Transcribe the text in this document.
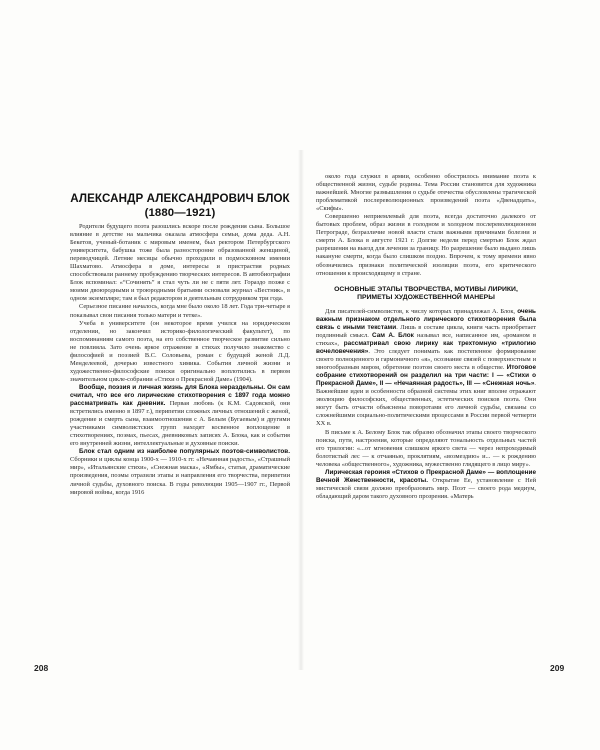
АЛЕКСАНДР АЛЕКСАНДРОВИЧ БЛОК
(1880—1921)

Родители будущего поэта разошлись вскоре после рождения сына. Большое влияние в детстве на мальчика оказала атмосфера семьи, дома деда. А.Н. Бекетов, ученый-ботаник с мировым именем, был ректором Петербургского университета, бабушка тоже была разносторонне образованной женщиной, переводчицей. Летние месяцы обычно проходили в подмосковном имении Шахматово. Атмосфера в доме, интересы и пристрастия родных способствовали раннему пробуждению творческих интересов. В автобиографии Блок вспоминал: «“Сочинять” я стал чуть ли не с пяти лет. Гораздо позже с моими двоюродными и троюродными братьями основали журнал «Вестник», в одном экземпляре; там я был редактором и деятельным сотрудником три года.

Серьезное писание началось, когда мне было около 18 лет. Года три-четыре я показывал свои писания только матери и тетке».

Учеба в университете (он некоторое время учился на юридическом отделении, но закончил историко-филологический факультет), по воспоминаниям самого поэта, на его собственное творческое развитие сильно не повлияла. Зато очень яркое отражение в стихах получило знакомство с философией и поэзией В.С. Соловьева, роман с будущей женой Л.Д. Менделеевой, дочерью известного химика. События личной жизни и художественно-философские поиски оригинально воплотились в первом значительном цикле-собрании «Стихи о Прекрасной Даме» (1904).

Вообще, поэзия и личная жизнь для Блока нераздельны. Он сам считал, что все его лирические стихотворения с 1897 года можно рассматривать как дневник. Первая любовь (к К.М. Садовской, они встретились именно в 1897 г.), перипетии сложных личных отношений с женой, рождение и смерть сына, взаимоотношения с А. Белым (Бугаевым) и другими участниками символистских групп находят косвенное воплощение в стихотворениях, поэмах, пьесах, дневниковых записях А. Блока, как и события его внутренней жизни, интеллектуальные и духовные поиски.

Блок стал одним из наиболее популярных поэтов-символистов. Сборники и циклы конца 1900-х — 1910-х гг. «Нечаянная радость», «Страшный мир», «Итальянские стихи», «Снежная маска», «Ямбы», статьи, драматические произведения, поэмы отразили этапы и направления его творчества, перипетии личной судьбы, духовного поиска. В годы революции 1905—1907 гг., Первой мировой войны, когда 1916

около года служил в армии, особенно обострилось внимание поэта к общественной жизни, судьбе родины. Тема России становится для художника важнейшей. Многие размышления о судьбе отечества обусловлены трагической проблематикой послереволюционных произведений поэта «Двенадцать», «Скифы».

Совершенно неприемлемый для поэта, всегда достаточно далекого от бытовых проблем, образ жизни в голодном и холодном послереволюционном Петрограде, безразличие новой власти стали важными причинами болезни и смерти А. Блока в августе 1921 г. Долгие недели перед смертью Блок ждал разрешения на выезд для лечения за границу. Но разрешение было выдано лишь накануне смерти, когда было слишком поздно. Впрочем, к тому времени явно обозначились признаки политической изоляции поэта, его критического отношения к происходящему в стране.

ОСНОВНЫЕ ЭТАПЫ ТВОРЧЕСТВА, МОТИВЫ ЛИРИКИ,
ПРИМЕТЫ ХУДОЖЕСТВЕННОЙ МАНЕРЫ

Для писателей-символистов, к числу которых принадлежал А. Блок, очень важным признаком отдельного лирического стихотворения была связь с иными текстами. Лишь в составе цикла, книги часть приобретает подлинный смысл. Сам А. Блок называл все, написанное им, «романом в стихах», рассматривал свою лирику как трехтомную «трилогию вочеловечения». Это следует понимать как постепенное формирование своего полноценного и гармоничного «я», осознание связей с поверхностным и многообразным миром, обретение поэтом своего места в обществе. Итоговое собрание стихотворений он разделил на три части: I — «Стихи о Прекрасной Даме», II — «Нечаянная радость», III — «Снежная ночь». Важнейшие идеи и особенности образной системы этих книг вполне отражают эволюцию философских, общественных, эстетических поисков поэта. Они могут быть отчасти объяснены поворотами его личной судьбы, связаны со сложнейшими социально-политическими процессами в России первой четверти XX в.

В письме к А. Белому Блок так образно обозначил этапы своего творческого поиска, пути, настроения, которые определяют тональность отдельных частей его трилогии: «...от мгновения слишком яркого света — через непроходимый болотистый лес — к отчаянью, проклятиям, «возмездию» и... — к рождению человека «общественного», художника, мужественно глядящего в лицо миру».

Лирическая героиня «Стихов о Прекрасной Даме» — воплощение Вечной Женственности, красоты. Открытие Ее, установление с Ней мистической связи должно преобразовать мир. Поэт — своего рода медиум, обладающий даром такого духовного прозрения. «Матерь

208	209
